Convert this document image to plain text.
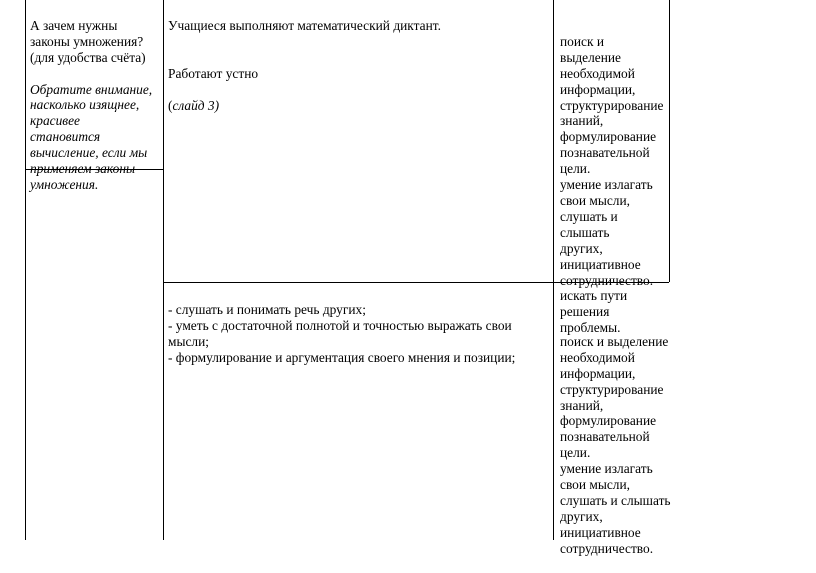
А зачем нужны
законы умножения?
(для удобства счёта)

Обратите внимание,
насколько изящнее,
красивее
становится
вычисление, если мы
применяем законы
умножения.

Учащиеся выполняют математический диктант.

Работают устно

(слайд 3)

- слушать и понимать речь других;
- уметь с достаточной полнотой и точностью выражать свои
мысли;
- формулирование и аргументация своего мнения и позиции;

поиск и выделение
необходимой
информации,
структурирование
знаний,
формулирование
познавательной
цели.
умение излагать
свои мысли,
слушать и слышать
других,
инициативное
сотрудничество.
искать пути
решения проблемы.

поиск и выделение
необходимой
информации,
структурирование
знаний,
формулирование
познавательной
цели.
умение излагать
свои мысли,
слушать и слышать
других,
инициативное
сотрудничество.
